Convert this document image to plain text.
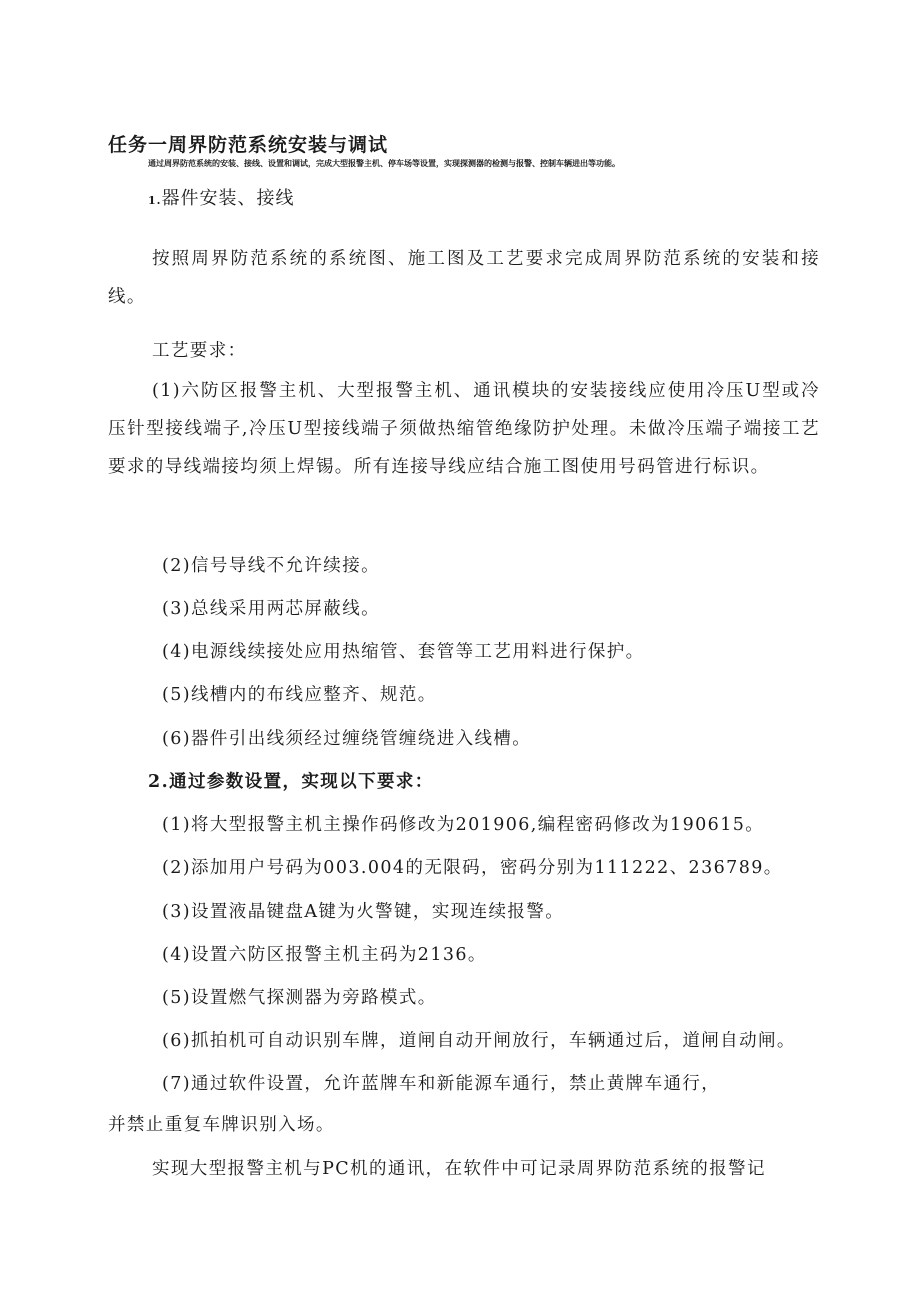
任务一周界防范系统安装与调试
通过周界防范系统的安装、接线、设置和调试，完成大型报警主机、停车场等设置，实现探测器的检测与报警、控制车辆进出等功能。
1.器件安装、接线
按照周界防范系统的系统图、施工图及工艺要求完成周界防范系统的安装和接线。
工艺要求：
(1)六防区报警主机、大型报警主机、通讯模块的安装接线应使用冷压U型或冷压针型接线端子,冷压U型接线端子须做热缩管绝缘防护处理。未做冷压端子端接工艺要求的导线端接均须上焊锡。所有连接导线应结合施工图使用号码管进行标识。
(2)信号导线不允许续接。
(3)总线采用两芯屏蔽线。
(4)电源线续接处应用热缩管、套管等工艺用料进行保护。
(5)线槽内的布线应整齐、规范。
(6)器件引出线须经过缠绕管缠绕进入线槽。
2.通过参数设置，实现以下要求：
(1)将大型报警主机主操作码修改为201906,编程密码修改为190615。
(2)添加用户号码为003.004的无限码，密码分别为111222、236789。
(3)设置液晶键盘A键为火警键，实现连续报警。
(4)设置六防区报警主机主码为2136。
(5)设置燃气探测器为旁路模式。
(6)抓拍机可自动识别车牌，道闸自动开闸放行，车辆通过后，道闸自动闸。
(7)通过软件设置，允许蓝牌车和新能源车通行，禁止黄牌车通行，
并禁止重复车牌识别入场。
实现大型报警主机与PC机的通讯，在软件中可记录周界防范系统的报警记
